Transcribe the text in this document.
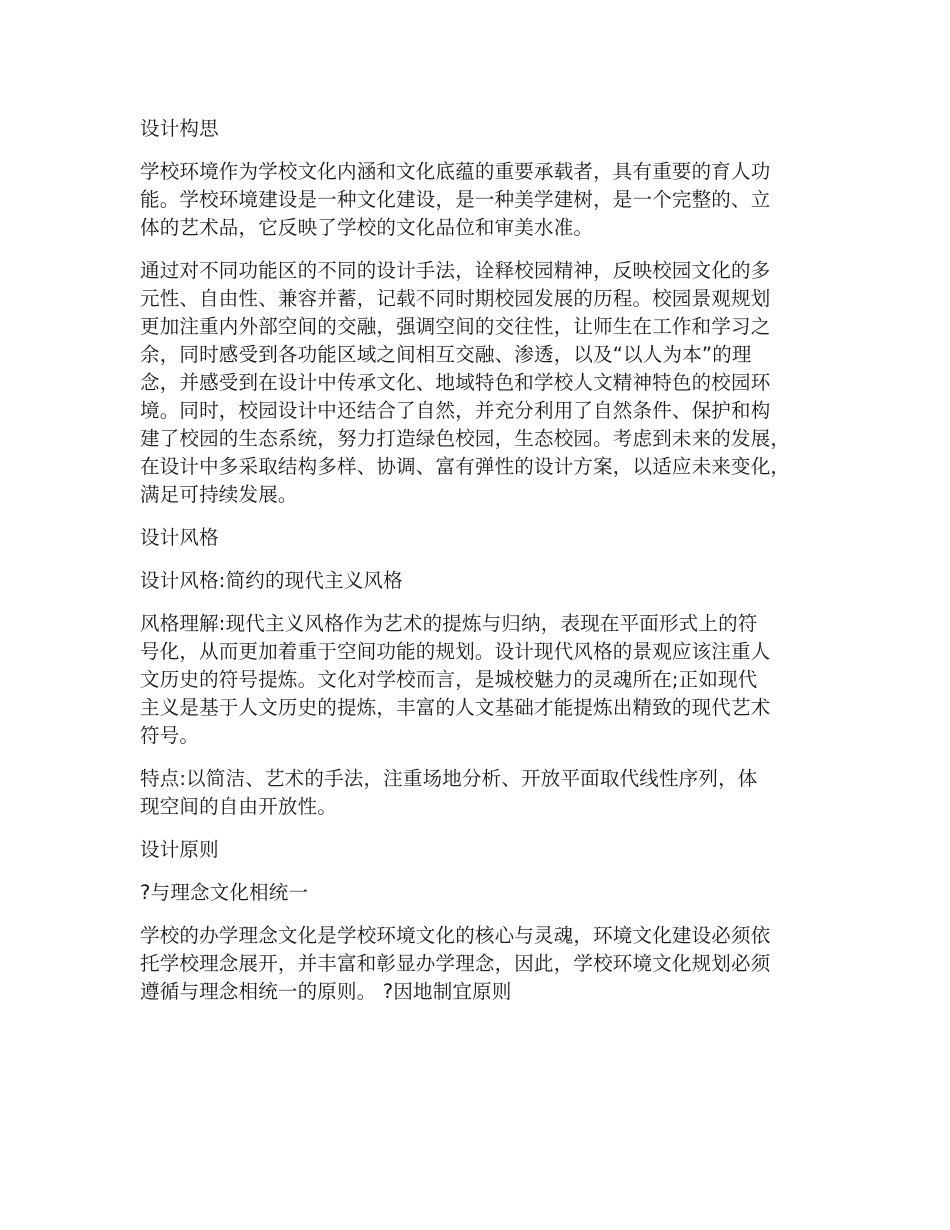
设计构思

学校环境作为学校文化内涵和文化底蕴的重要承载者，具有重要的育人功
能。学校环境建设是一种文化建设，是一种美学建树，是一个完整的、立
体的艺术品，它反映了学校的文化品位和审美水准。

通过对不同功能区的不同的设计手法，诠释校园精神，反映校园文化的多
元性、自由性、兼容并蓄，记载不同时期校园发展的历程。校园景观规划
更加注重内外部空间的交融，强调空间的交往性，让师生在工作和学习之
余，同时感受到各功能区域之间相互交融、渗透，以及“以人为本”的理
念，并感受到在设计中传承文化、地域特色和学校人文精神特色的校园环
境。同时，校园设计中还结合了自然，并充分利用了自然条件、保护和构
建了校园的生态系统，努力打造绿色校园，生态校园。考虑到未来的发展，
在设计中多采取结构多样、协调、富有弹性的设计方案，以适应未来变化，
满足可持续发展。

设计风格

设计风格:简约的现代主义风格

风格理解:现代主义风格作为艺术的提炼与归纳，表现在平面形式上的符
号化，从而更加着重于空间功能的规划。设计现代风格的景观应该注重人
文历史的符号提炼。文化对学校而言，是城校魅力的灵魂所在;正如现代
主义是基于人文历史的提炼，丰富的人文基础才能提炼出精致的现代艺术
符号。

特点:以简洁、艺术的手法，注重场地分析、开放平面取代线性序列，体
现空间的自由开放性。

设计原则

?与理念文化相统一

学校的办学理念文化是学校环境文化的核心与灵魂，环境文化建设必须依
托学校理念展开，并丰富和彰显办学理念，因此，学校环境文化规划必须
遵循与理念相统一的原则。 ?因地制宜原则
